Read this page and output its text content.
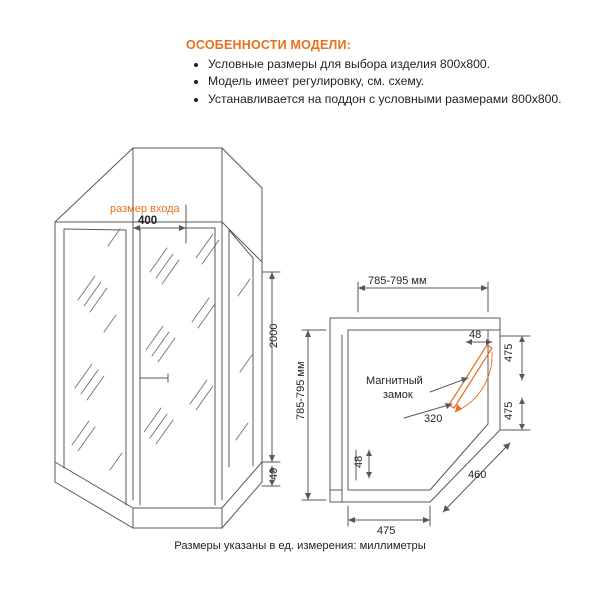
ОСОБЕННОСТИ МОДЕЛИ:
• Условные размеры для выбора изделия 800х800.
• Модель имеет регулировку, см. схему.
• Устанавливается на поддон с условными размерами 800х800.
размер входа
400
2000
40
785-795 мм
785-795 мм
48
475
475
320
48
460
475
Магнитный
замок
Размеры указаны в ед. измерения: миллиметры
